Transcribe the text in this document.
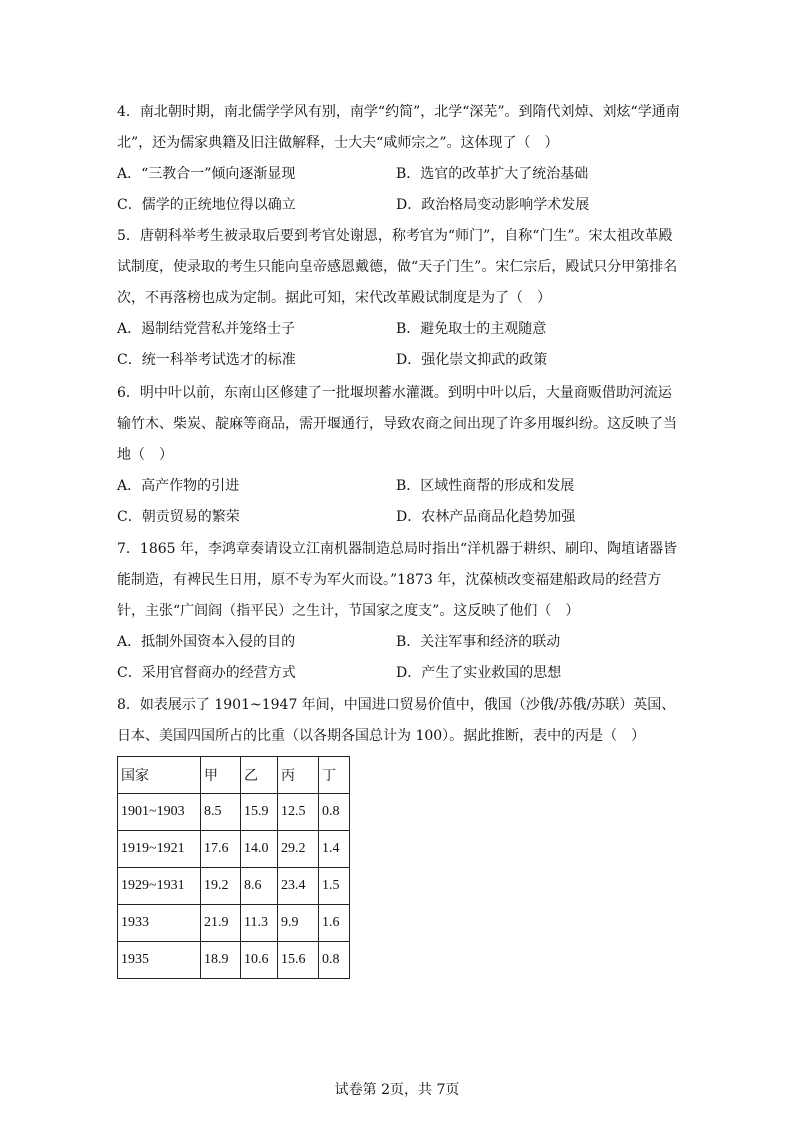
4．南北朝时期，南北儒学学风有别，南学“约简”，北学“深芜”。到隋代刘焯、刘炫“学通南北”，还为儒家典籍及旧注做解释，士大夫“咸师宗之”。这体现了（　）

A．“三教合一”倾向逐渐显现	B．选官的改革扩大了统治基础
C．儒学的正统地位得以确立	D．政治格局变动影响学术发展

5．唐朝科举考生被录取后要到考官处谢恩，称考官为“师门”，自称“门生”。宋太祖改革殿试制度，使录取的考生只能向皇帝感恩戴德，做“天子门生”。宋仁宗后，殿试只分甲第排名次，不再落榜也成为定制。据此可知，宋代改革殿试制度是为了（　）

A．遏制结党营私并笼络士子	B．避免取士的主观随意
C．统一科举考试选才的标准	D．强化崇文抑武的政策

6．明中叶以前，东南山区修建了一批堰坝蓄水灌溉。到明中叶以后，大量商贩借助河流运输竹木、柴炭、靛麻等商品，需开堰通行，导致农商之间出现了许多用堰纠纷。这反映了当地（　）

A．高产作物的引进	B．区域性商帮的形成和发展
C．朝贡贸易的繁荣	D．农林产品商品化趋势加强

7．1865 年，李鸿章奏请设立江南机器制造总局时指出“洋机器于耕织、刷印、陶埴诸器皆能制造，有裨民生日用，原不专为军火而设。”1873 年，沈葆桢改变福建船政局的经营方针，主张“广闾阎（指平民）之生计，节国家之度支”。这反映了他们（　）

A．抵制外国资本入侵的目的	B．关注军事和经济的联动
C．采用官督商办的经营方式	D．产生了实业救国的思想

8．如表展示了 1901~1947 年间，中国进口贸易价值中，俄国（沙俄/苏俄/苏联）英国、日本、美国四国所占的比重（以各期各国总计为 100）。据此推断，表中的丙是（　）

国家	甲	乙	丙	丁
1901~1903	8.5	15.9	12.5	0.8
1919~1921	17.6	14.0	29.2	1.4
1929~1931	19.2	8.6	23.4	1.5
1933	21.9	11.3	9.9	1.6
1935	18.9	10.6	15.6	0.8
试卷第 2页，共 7页
